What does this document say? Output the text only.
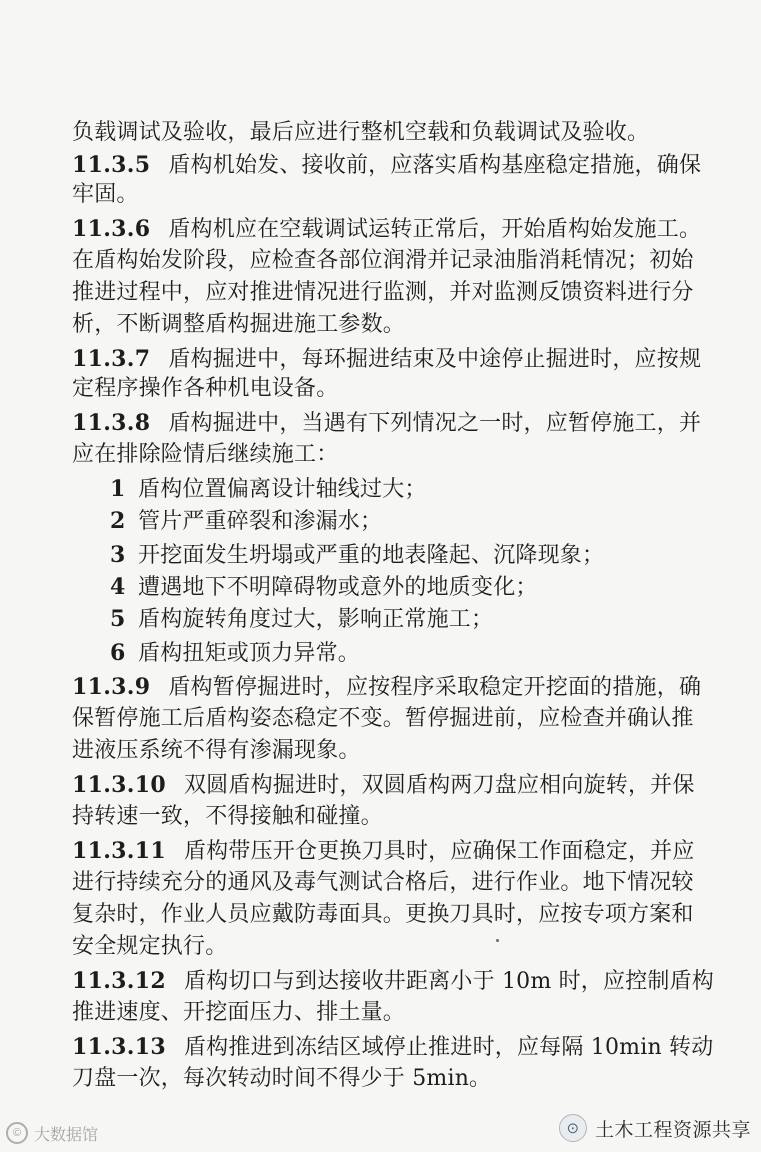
负载调试及验收，最后应进行整机空载和负载调试及验收。
11.3.5 盾构机始发、接收前，应落实盾构基座稳定措施，确保
牢固。
11.3.6 盾构机应在空载调试运转正常后，开始盾构始发施工。
在盾构始发阶段，应检查各部位润滑并记录油脂消耗情况；初始
推进过程中，应对推进情况进行监测，并对监测反馈资料进行分
析，不断调整盾构掘进施工参数。
11.3.7 盾构掘进中，每环掘进结束及中途停止掘进时，应按规
定程序操作各种机电设备。
11.3.8 盾构掘进中，当遇有下列情况之一时，应暂停施工，并
应在排除险情后继续施工：
1 盾构位置偏离设计轴线过大；
2 管片严重碎裂和渗漏水；
3 开挖面发生坍塌或严重的地表隆起、沉降现象；
4 遭遇地下不明障碍物或意外的地质变化；
5 盾构旋转角度过大，影响正常施工；
6 盾构扭矩或顶力异常。
11.3.9 盾构暂停掘进时，应按程序采取稳定开挖面的措施，确
保暂停施工后盾构姿态稳定不变。暂停掘进前，应检查并确认推
进液压系统不得有渗漏现象。
11.3.10 双圆盾构掘进时，双圆盾构两刀盘应相向旋转，并保
持转速一致，不得接触和碰撞。
11.3.11 盾构带压开仓更换刀具时，应确保工作面稳定，并应
进行持续充分的通风及毒气测试合格后，进行作业。地下情况较
复杂时，作业人员应戴防毒面具。更换刀具时，应按专项方案和
安全规定执行。
11.3.12 盾构切口与到达接收井距离小于 10m 时，应控制盾构
推进速度、开挖面压力、排土量。
11.3.13 盾构推进到冻结区域停止推进时，应每隔 10min 转动
刀盘一次，每次转动时间不得少于 5min。
© 大数据馆	⊙ 土木工程资源共享
